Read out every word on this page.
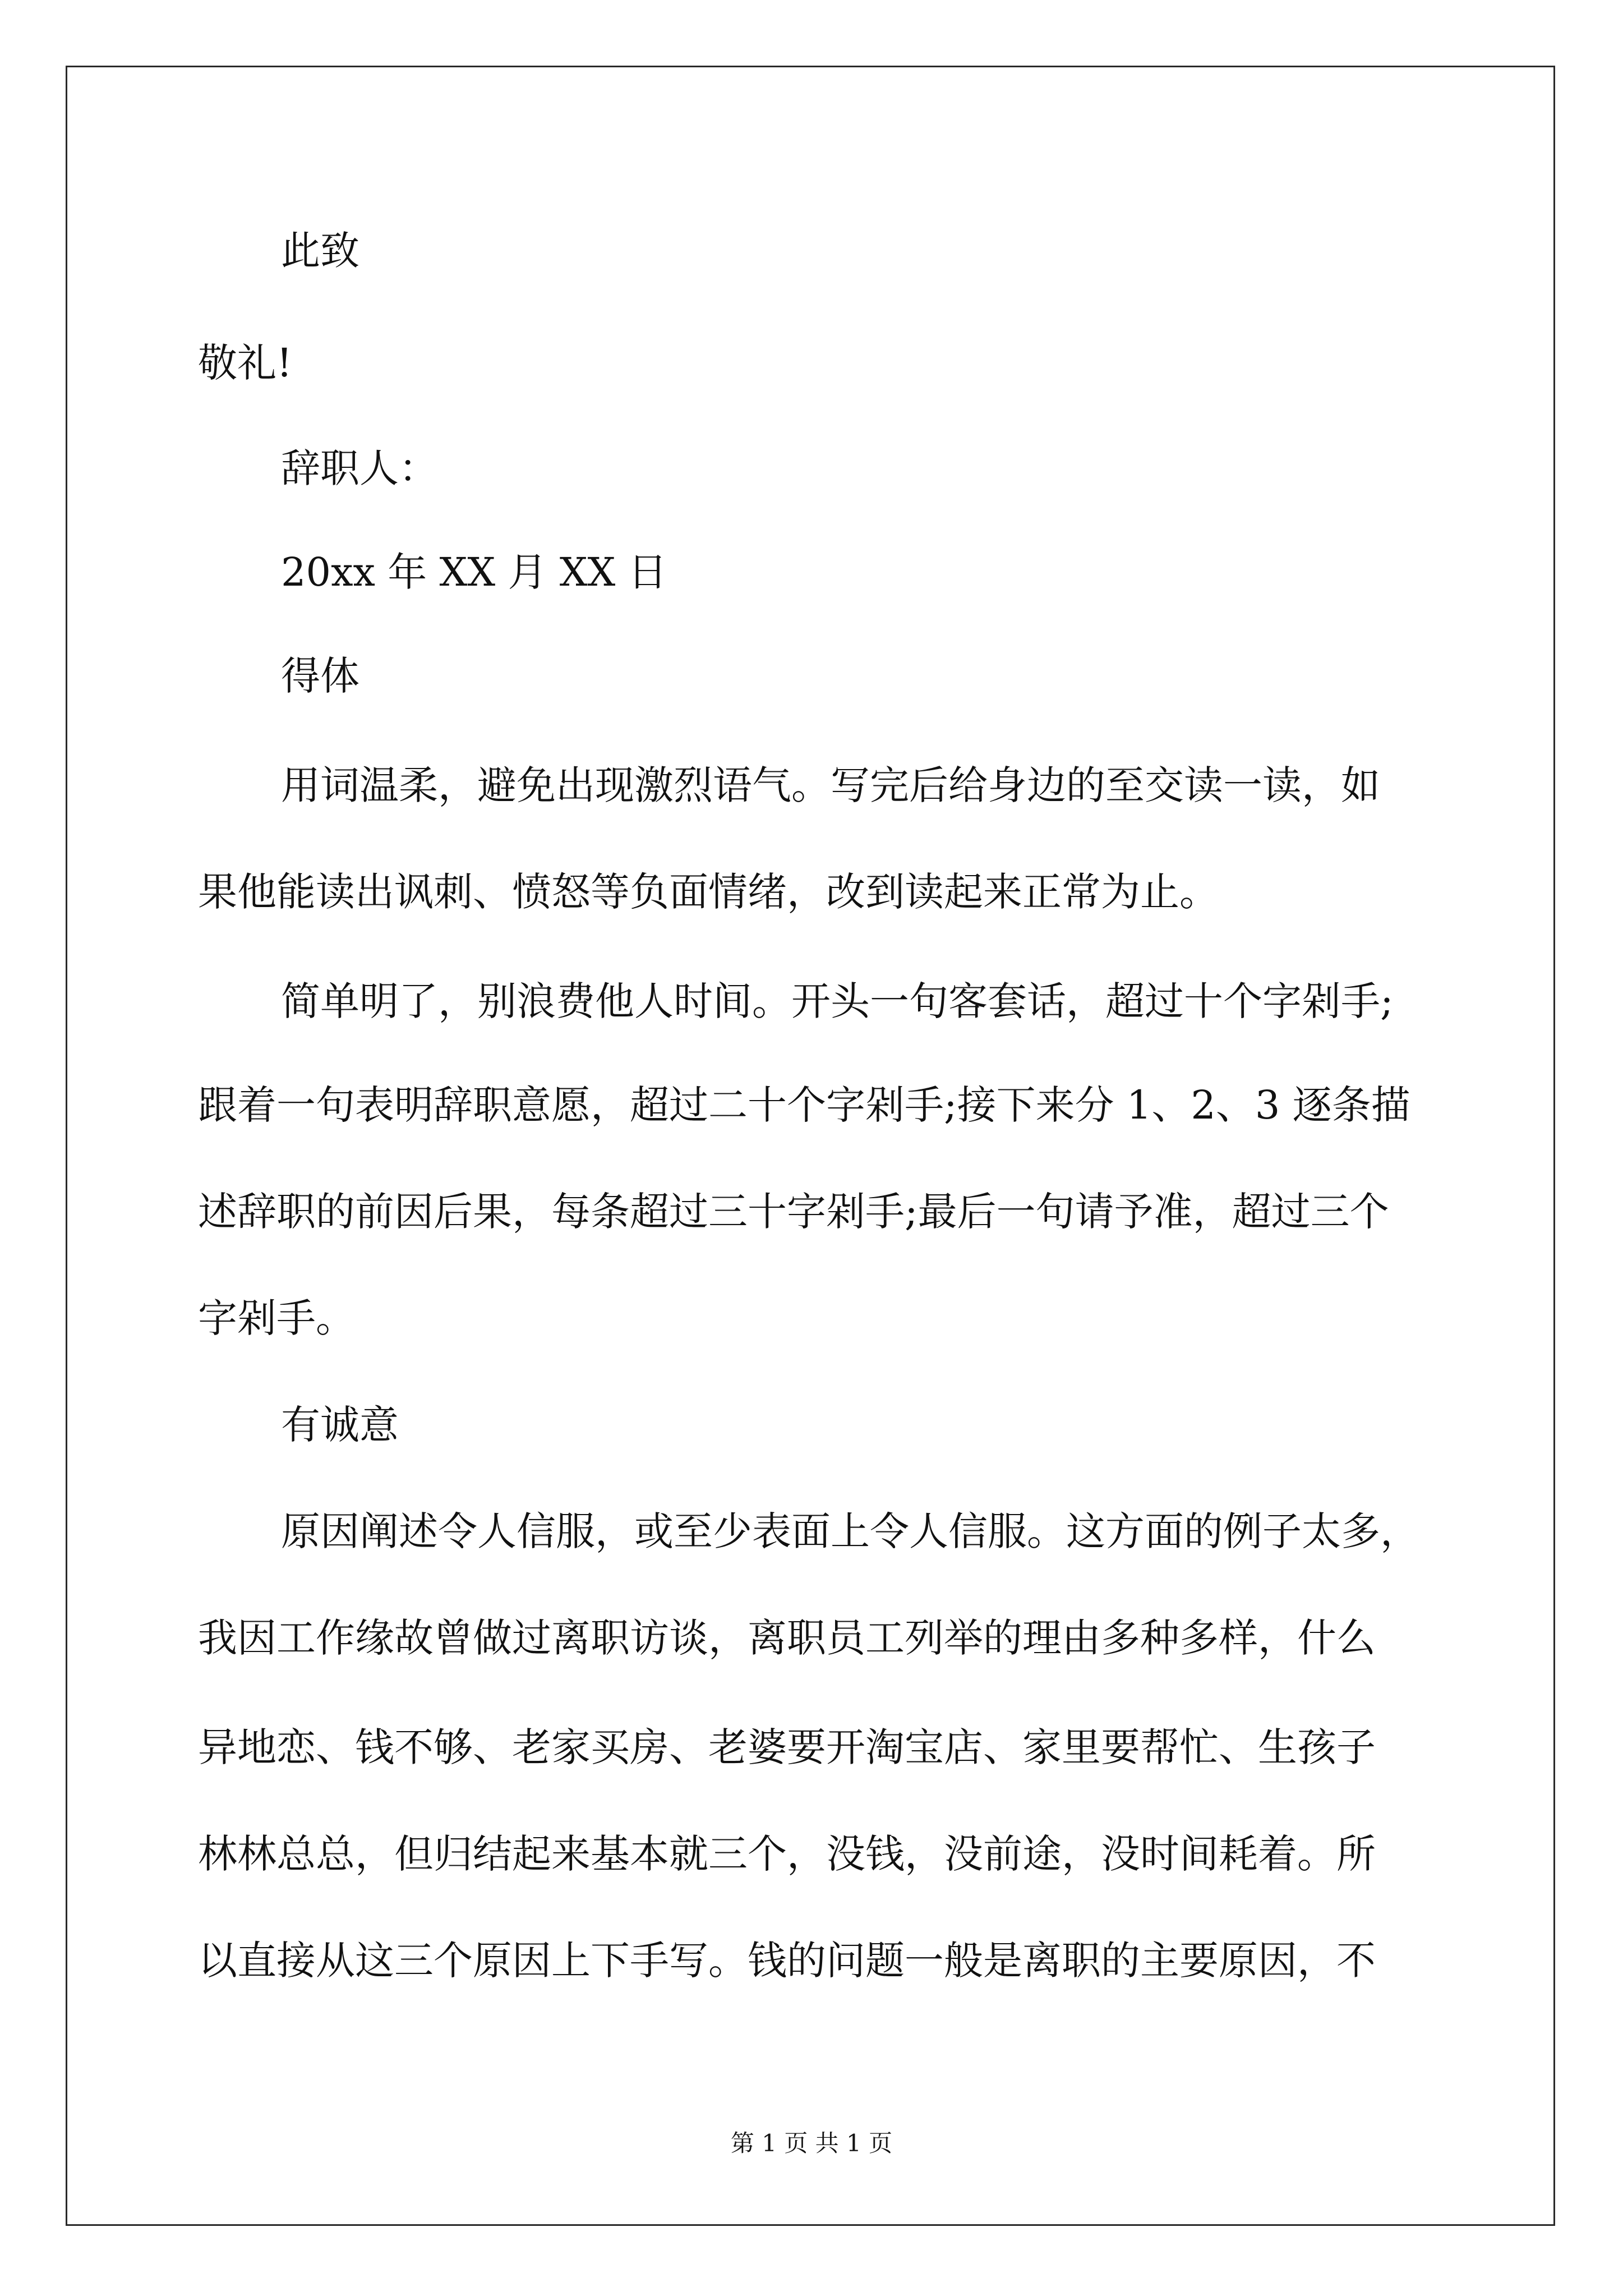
此致
敬礼!
辞职人：
20xx 年 XX 月 XX 日
得体
用词温柔，避免出现激烈语气。写完后给身边的至交读一读，如
果他能读出讽刺、愤怒等负面情绪，改到读起来正常为止。
简单明了，别浪费他人时间。开头一句客套话，超过十个字剁手;
跟着一句表明辞职意愿，超过二十个字剁手;接下来分 1、2、3 逐条描
述辞职的前因后果，每条超过三十字剁手;最后一句请予准，超过三个
字剁手。
有诚意
原因阐述令人信服，或至少表面上令人信服。这方面的例子太多，
我因工作缘故曾做过离职访谈，离职员工列举的理由多种多样，什么
异地恋、钱不够、老家买房、老婆要开淘宝店、家里要帮忙、生孩子
林林总总，但归结起来基本就三个，没钱，没前途，没时间耗着。所
以直接从这三个原因上下手写。钱的问题一般是离职的主要原因，不
第 1 页 共 1 页
